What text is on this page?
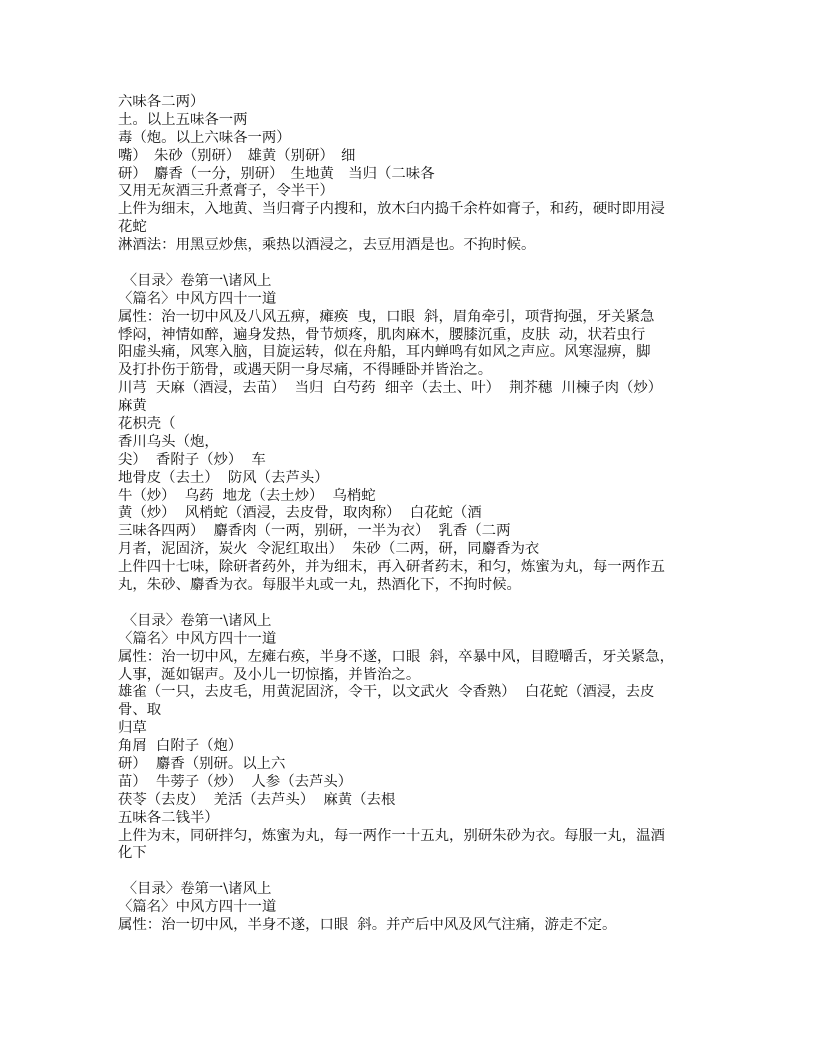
六味各二两）
土。以上五味各一两
毒（炮。以上六味各一两）
嘴）　朱砂（别研）　雄黄（别研）　细
研）　麝香（一分，别研）　生地黄　当归（二味各
又用无灰酒三升煮膏子，令半干）
上件为细末，入地黄、当归膏子内搜和，放木臼内捣千余杵如膏子，和药，硬时即用浸
花蛇
淋酒法：用黑豆炒焦，乘热以酒浸之，去豆用酒是也。不拘时候。
〈目录〉卷第一\诸风上
〈篇名〉中风方四十一道
属性：治一切中风及八风五痹，瘫痪  曳，口眼  斜，眉角牵引，项背拘强，牙关紧急
悸闷，神情如醉，遍身发热，骨节烦疼，肌肉麻木，腰膝沉重，皮肤  动，状若虫行
阳虚头痛，风寒入脑，目旋运转，似在舟船，耳内蝉鸣有如风之声应。风寒湿痹，脚
及打扑伤于筋骨，或遇天阴一身尽痛，不得睡卧并皆治之。
川芎  天麻（酒浸，去苗）  当归  白芍药  细辛（去土、叶）  荆芥穗  川楝子肉（炒）
麻黄
花枳壳（
香川乌头（炮，
尖）  香附子（炒）  车
地骨皮（去土）  防风（去芦头）
牛（炒）  乌药  地龙（去土炒）  乌梢蛇
黄（炒）  风梢蛇（酒浸，去皮骨，取肉称）  白花蛇（酒
三味各四两）  麝香肉（一两，别研，一半为衣）  乳香（二两
月者，泥固济，炭火  令泥红取出）  朱砂（二两，研，同麝香为衣
上件四十七味，除研者药外，并为细末，再入研者药末，和匀，炼蜜为丸，每一两作五
丸，朱砂、麝香为衣。每服半丸或一丸，热酒化下，不拘时候。
〈目录〉卷第一\诸风上
〈篇名〉中风方四十一道
属性：治一切中风，左瘫右痪，半身不遂，口眼  斜，卒暴中风，目瞪嚼舌，牙关紧急，
人事，涎如锯声。及小儿一切惊搐，并皆治之。
雄雀（一只，去皮毛，用黄泥固济，令干，以文武火  令香熟）  白花蛇（酒浸，去皮
骨、取
归草
角屑  白附子（炮）
研）  麝香（别研。以上六
苗）  牛蒡子（炒）  人参（去芦头）
茯苓（去皮）  羌活（去芦头）  麻黄（去根
五味各二钱半）
上件为末，同研拌匀，炼蜜为丸，每一两作一十五丸，别研朱砂为衣。每服一丸，温酒
化下
〈目录〉卷第一\诸风上
〈篇名〉中风方四十一道
属性：治一切中风，半身不遂，口眼  斜。并产后中风及风气注痛，游走不定。
